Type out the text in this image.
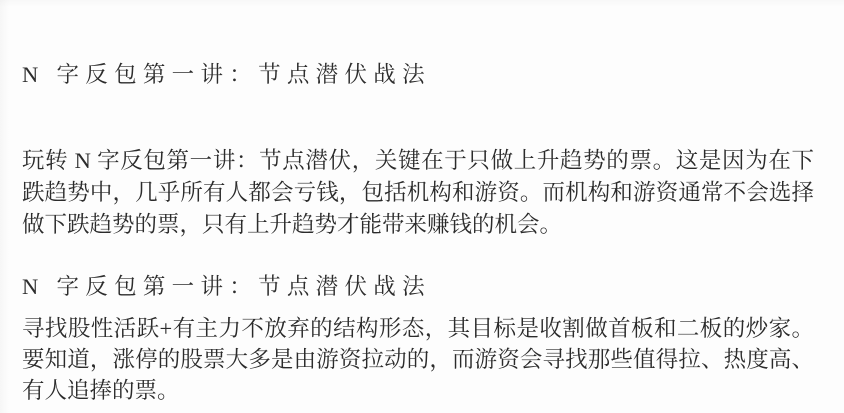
N 字反包第一讲：节点潜伏战法
玩转 N 字反包第一讲：节点潜伏，关键在于只做上升趋势的票。这是因为在下
跌趋势中，几乎所有人都会亏钱，包括机构和游资。而机构和游资通常不会选择
做下跌趋势的票，只有上升趋势才能带来赚钱的机会。
N 字反包第一讲：节点潜伏战法
寻找股性活跃+有主力不放弃的结构形态，其目标是收割做首板和二板的炒家。
要知道，涨停的股票大多是由游资拉动的，而游资会寻找那些值得拉、热度高、
有人追捧的票。
